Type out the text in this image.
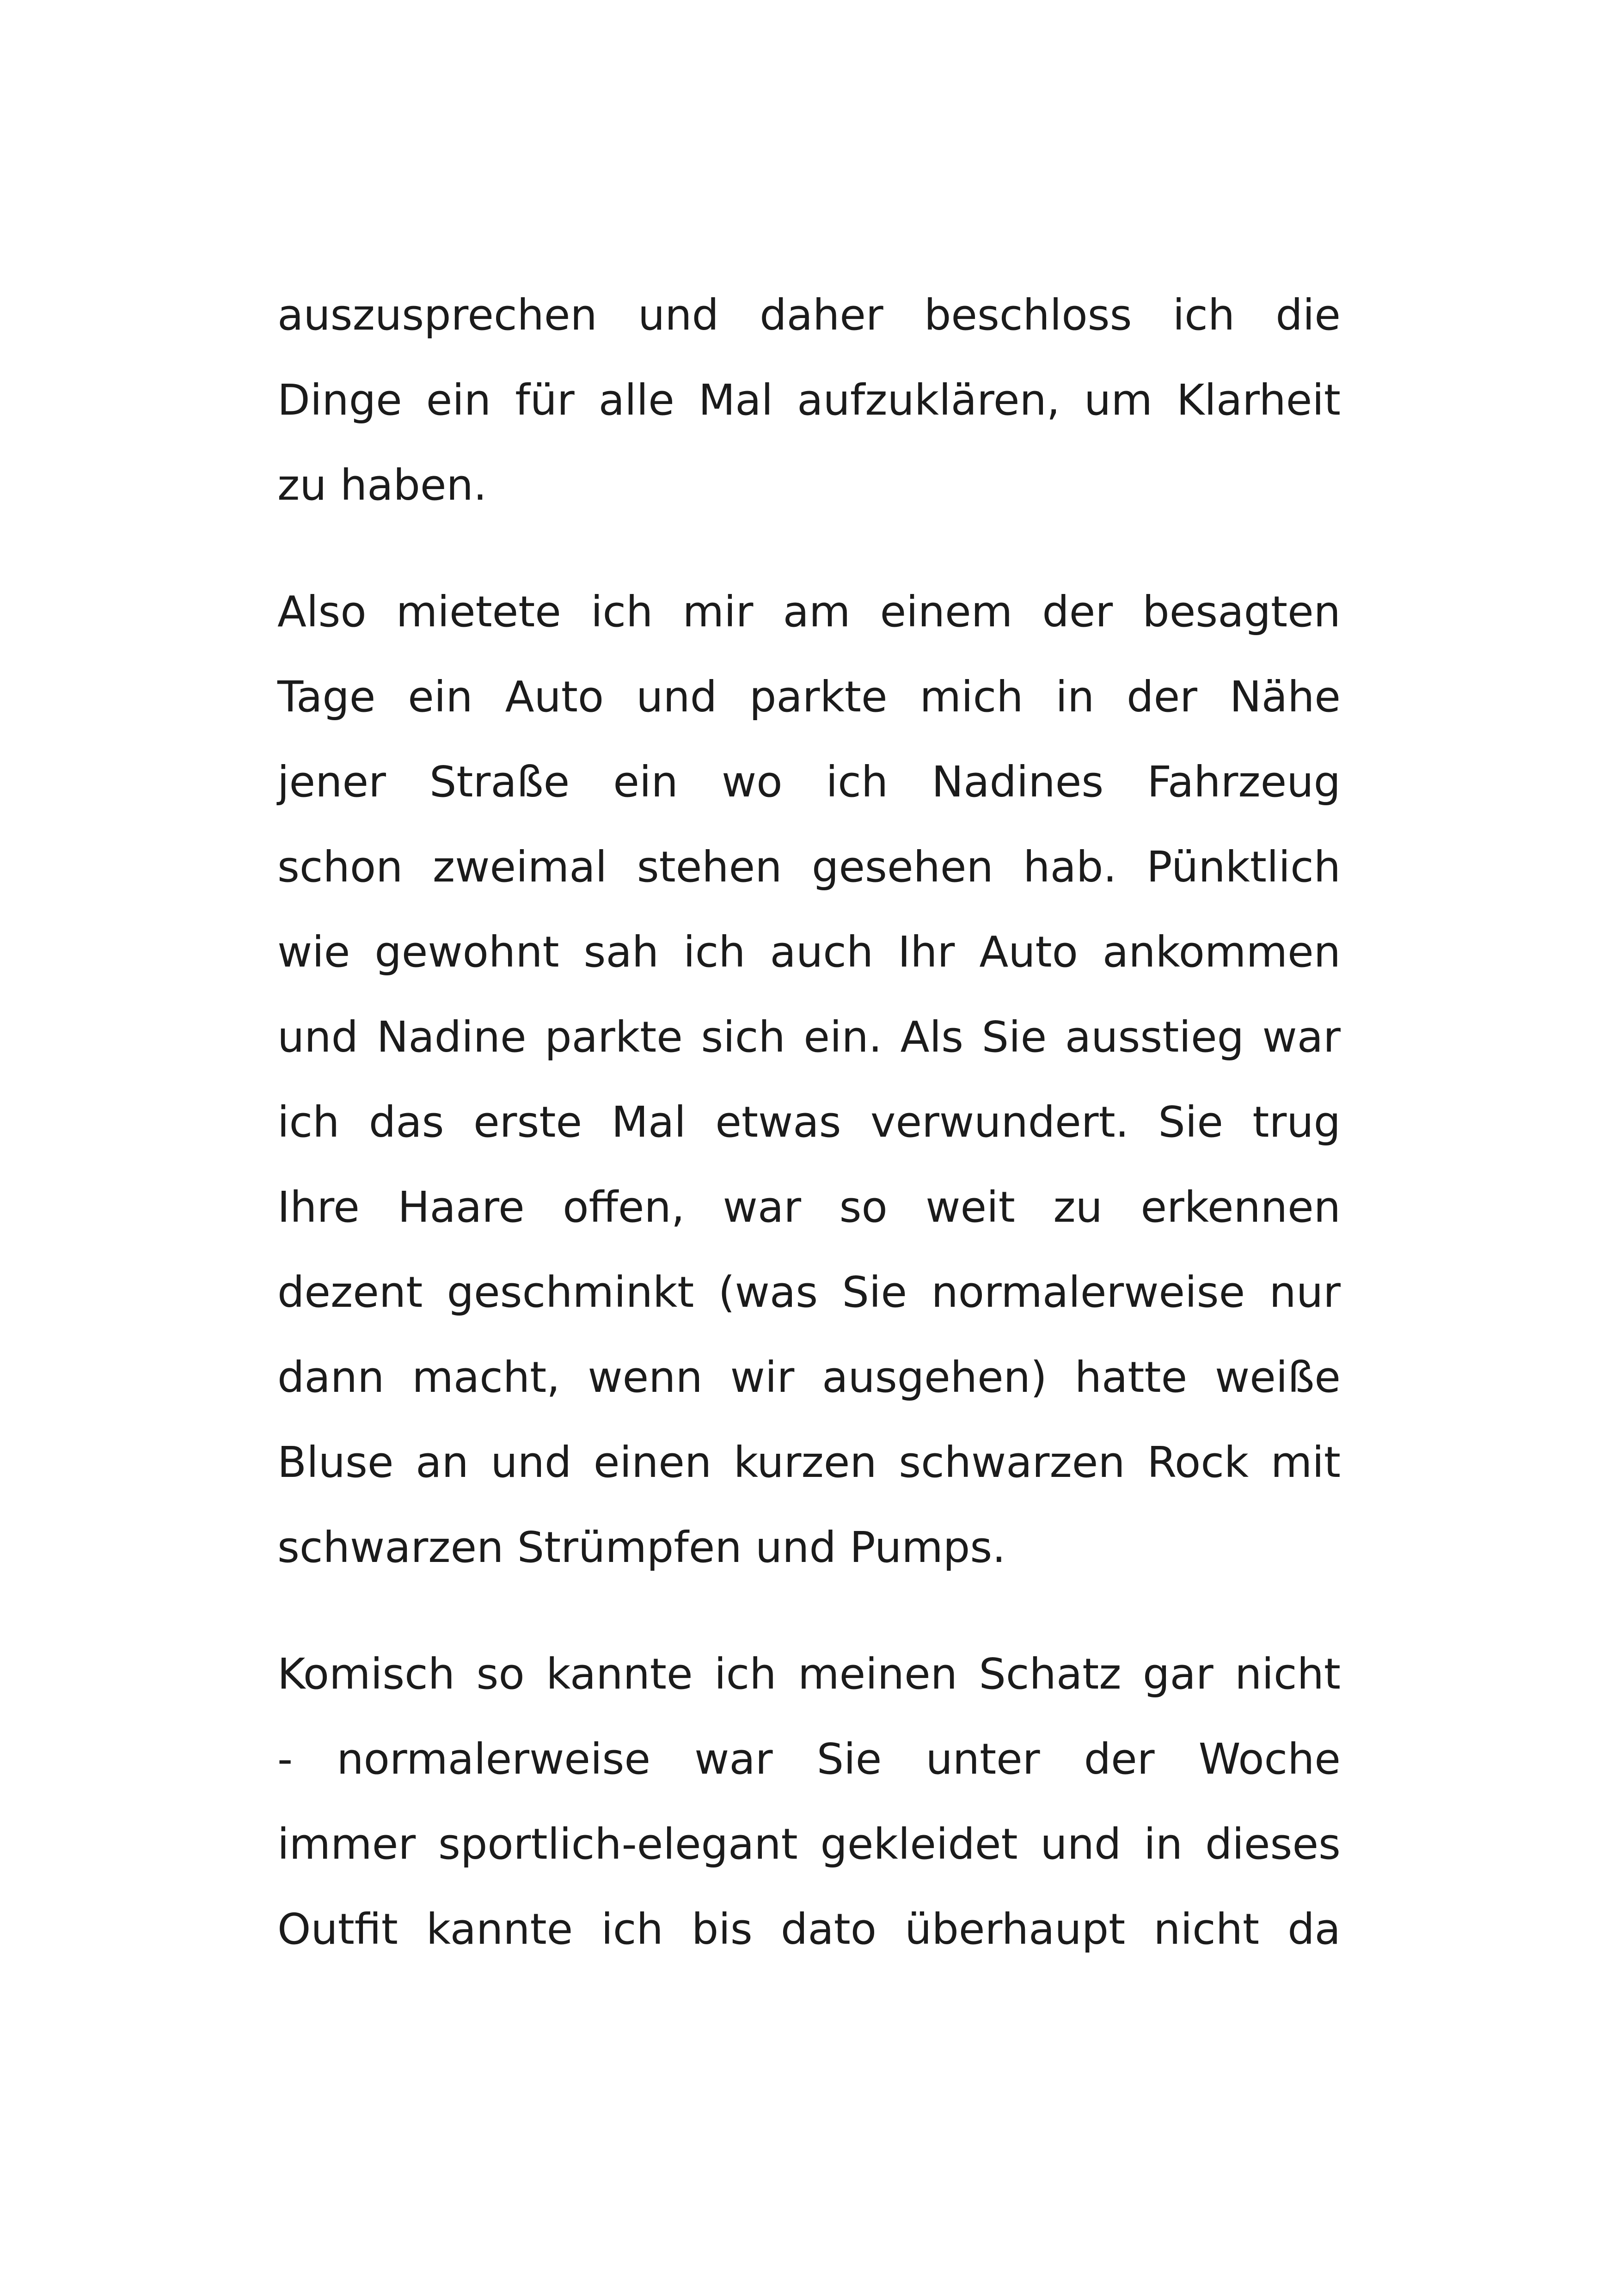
auszusprechen und daher beschloss ich die
Dinge ein für alle Mal aufzuklären, um Klarheit
zu haben.
Also mietete ich mir am einem der besagten
Tage ein Auto und parkte mich in der Nähe
jener Straße ein wo ich Nadines Fahrzeug
schon zweimal stehen gesehen hab. Pünktlich
wie gewohnt sah ich auch Ihr Auto ankommen
und Nadine parkte sich ein. Als Sie ausstieg war
ich das erste Mal etwas verwundert. Sie trug
Ihre Haare offen, war so weit zu erkennen
dezent geschminkt (was Sie normalerweise nur
dann macht, wenn wir ausgehen) hatte weiße
Bluse an und einen kurzen schwarzen Rock mit
schwarzen Strümpfen und Pumps.
Komisch so kannte ich meinen Schatz gar nicht
- normalerweise war Sie unter der Woche
immer sportlich-elegant gekleidet und in dieses
Outfit kannte ich bis dato überhaupt nicht da
